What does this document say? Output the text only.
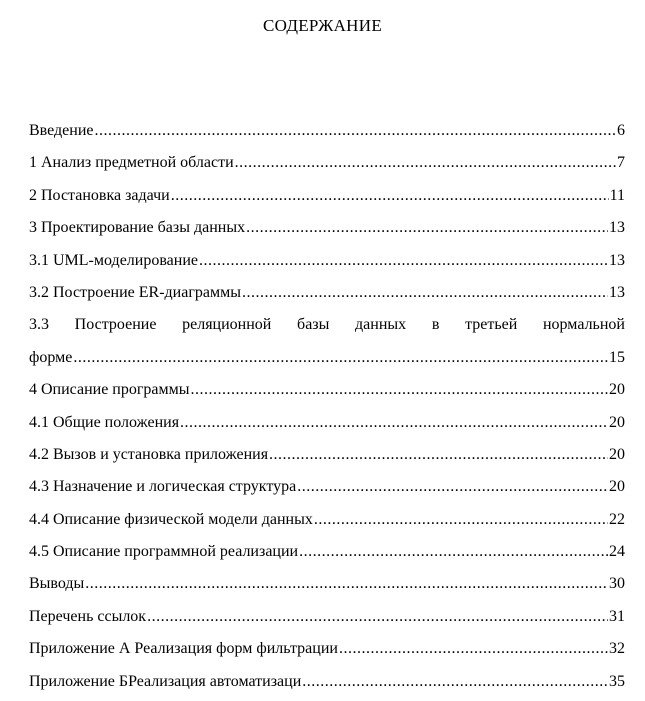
СОДЕРЖАНИЕ
Введение .....	6
1 Анализ предметной области .....	7
2 Постановка задачи .....	11
3 Проектирование базы данных .....	13
3.1 UML-моделирование .....	13
3.2 Построение ER-диаграммы .....	13
3.3 Построение реляционной базы данных в третьей нормальной
форме .....	15
4 Описание программы .....	20
4.1 Общие положения .....	20
4.2 Вызов и установка приложения .....	20
4.3 Назначение и логическая структура .....	20
4.4 Описание физической модели данных .....	22
4.5 Описание программной реализации .....	24
Выводы .....	30
Перечень ссылок .....	31
Приложение А Реализация форм фильтрации .....	32
Приложение БРеализация автоматизаци .....	35
